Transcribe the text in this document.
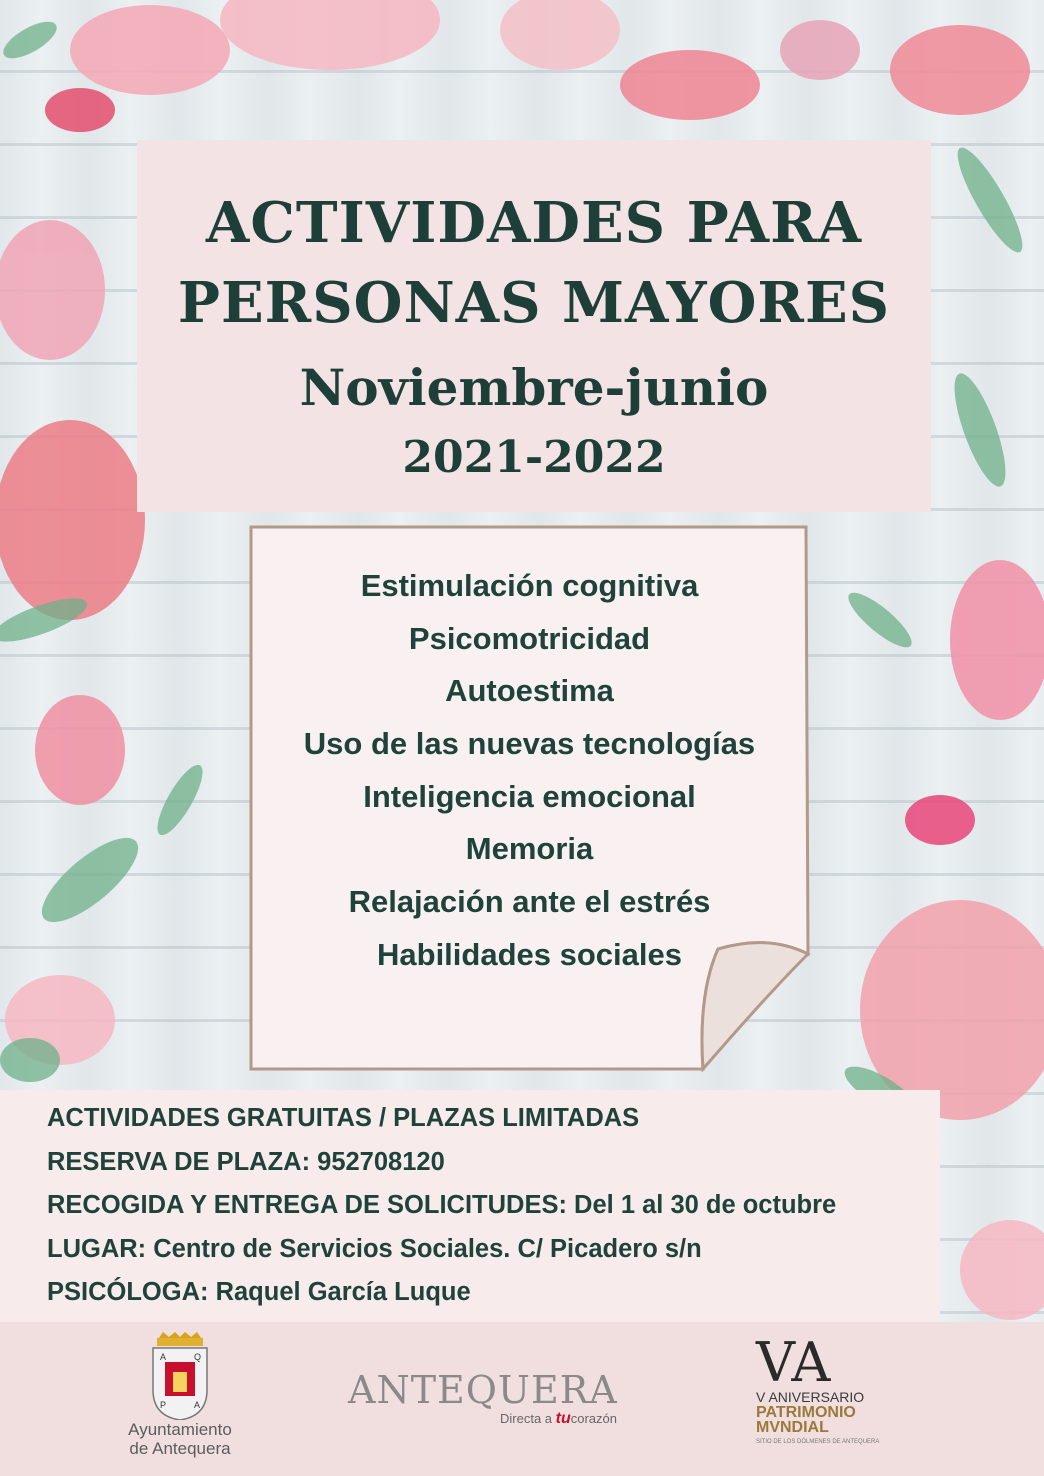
ACTIVIDADES PARA
PERSONAS MAYORES
Noviembre-junio
2021-2022
Estimulación cognitiva
Psicomotricidad
Autoestima
Uso de las nuevas tecnologías
Inteligencia emocional
Memoria
Relajación ante el estrés
Habilidades sociales
ACTIVIDADES GRATUITAS / PLAZAS LIMITADAS
RESERVA DE PLAZA: 952708120
RECOGIDA Y ENTREGA DE SOLICITUDES: Del 1 al 30 de octubre
LUGAR: Centro de Servicios Sociales. C/ Picadero s/n
PSICÓLOGA: Raquel García Luque
A	Q
P	A
Ayuntamiento
de Antequera
ANTEQUERA
Directa a tucorazón
VA
V ANIVERSARIO
PATRIMONIO
MVNDIAL
SITIO DE LOS DÓLMENES DE ANTEQUERA
